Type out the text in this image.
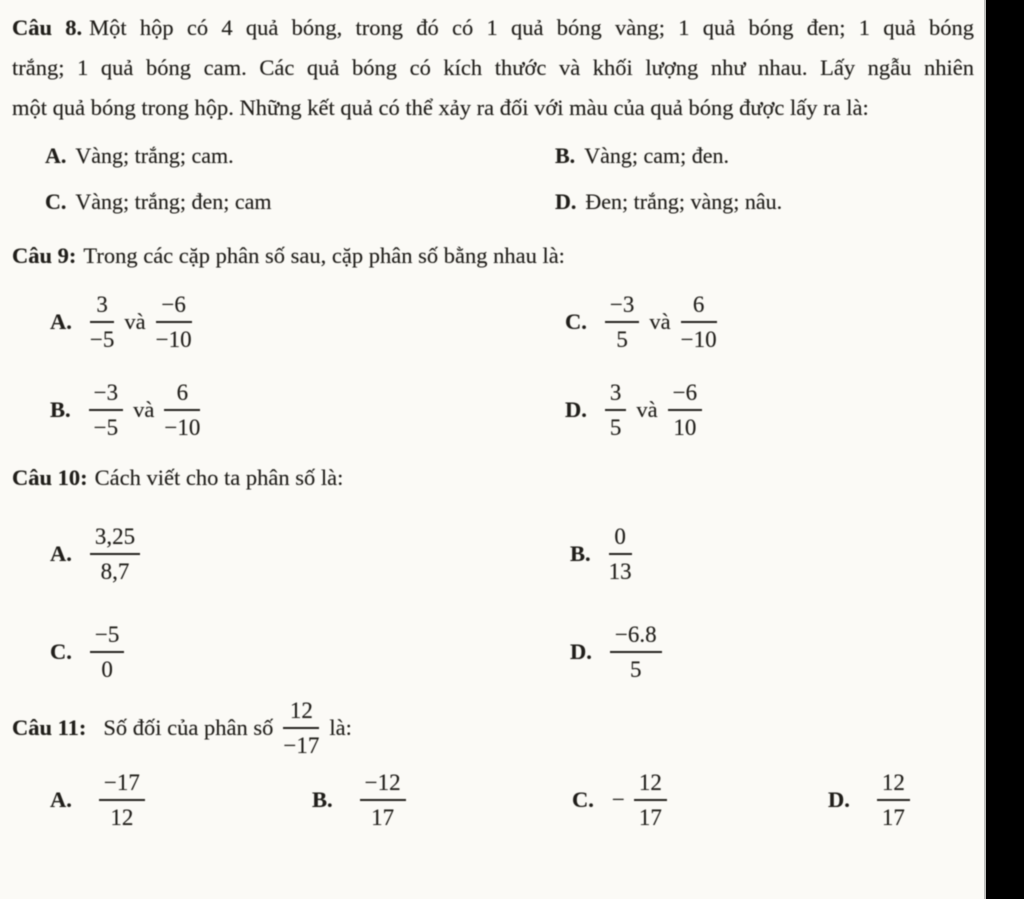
Câu 8. Một hộp có 4 quả bóng, trong đó có 1 quả bóng vàng; 1 quả bóng đen; 1 quả bóng
trắng; 1 quả bóng cam. Các quả bóng có kích thước và khối lượng như nhau. Lấy ngẫu nhiên
một quả bóng trong hộp. Những kết quả có thể xảy ra đối với màu của quả bóng được lấy ra là:
A. Vàng; trắng; cam.	B. Vàng; cam; đen.
C. Vàng; trắng; đen; cam	D. Đen; trắng; vàng; nâu.
Câu 9: Trong các cặp phân số sau, cặp phân số bằng nhau là:
A. $\frac{3}{-5}$ và $\frac{-6}{-10}$	C. $\frac{-3}{5}$ và $\frac{6}{-10}$
B. $\frac{-3}{-5}$ và $\frac{6}{-10}$	D. $\frac{3}{5}$ và $\frac{-6}{10}$
Câu 10: Cách viết cho ta phân số là:
A. $\frac{3,25}{8,7}$	B. $\frac{0}{13}$
C. $\frac{-5}{0}$	D. $\frac{-6.8}{5}$
Câu 11: Số đối của phân số $\frac{12}{-17}$ là:
A.	$\frac{-17}{12}$	B.	$\frac{-12}{17}$	C. − $\frac{12}{17}$	D.	$\frac{12}{17}$
